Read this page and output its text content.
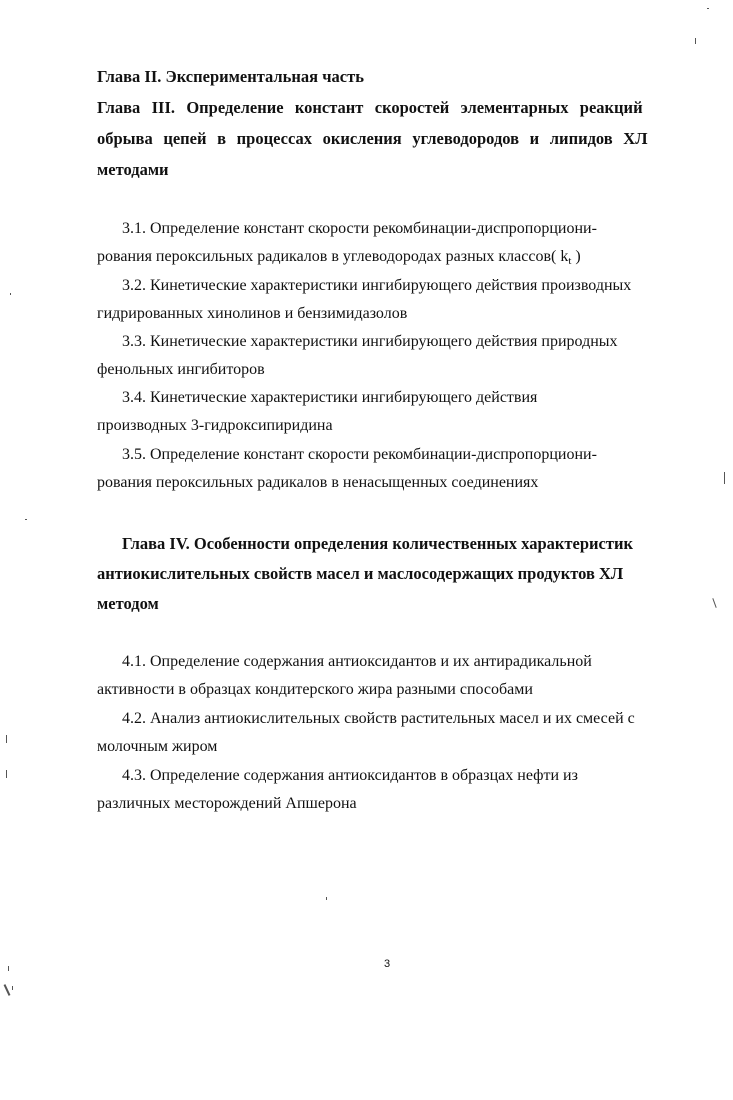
Глава II. Экспериментальная часть

Глава III. Определение констант скоростей элементарных реакций

обрыва цепей в процессах окисления углеводородов и липидов ХЛ

методами

3.1. Определение констант скорости рекомбинации-диспропорциони-

рования пероксильных радикалов в углеводородах разных классов( $k_t$ )

3.2. Кинетические характеристики ингибирующего действия производных

гидрированных хинолинов и бензимидазолов

3.3. Кинетические характеристики ингибирующего действия природных

фенольных ингибиторов

3.4. Кинетические характеристики ингибирующего действия

производных 3-гидроксипиридина

3.5. Определение констант скорости рекомбинации-диспропорциони-

рования пероксильных радикалов в ненасыщенных соединениях

Глава IV. Особенности определения количественных характеристик

антиокислительных свойств масел и маслосодержащих продуктов ХЛ

методом

4.1. Определение содержания антиоксидантов и их антирадикальной

активности в образцах кондитерского жира разными способами

4.2. Анализ антиокислительных свойств растительных масел и их смесей с

молочным жиром

4.3. Определение содержания антиоксидантов в образцах нефти из

различных месторождений Апшерона

3
